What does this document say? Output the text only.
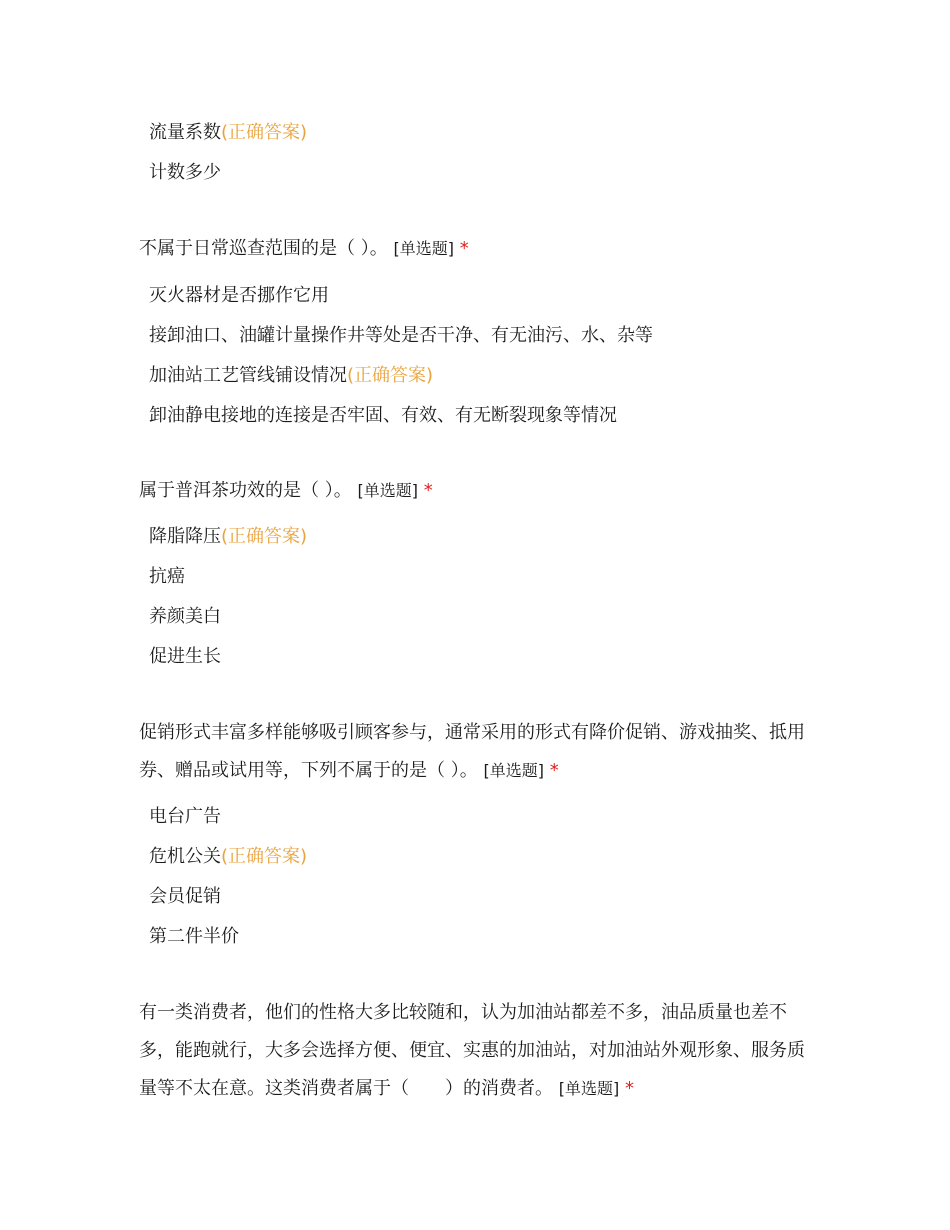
流量系数(正确答案)
计数多少
不属于日常巡查范围的是（ ）。 [单选题] *
灭火器材是否挪作它用
接卸油口、油罐计量操作井等处是否干净、有无油污、水、杂等
加油站工艺管线铺设情况(正确答案)
卸油静电接地的连接是否牢固、有效、有无断裂现象等情况
属于普洱茶功效的是（ ）。 [单选题] *
降脂降压(正确答案)
抗癌
养颜美白
促进生长
促销形式丰富多样能够吸引顾客参与，通常采用的形式有降价促销、游戏抽奖、抵用券、赠品或试用等，下列不属于的是（ ）。 [单选题] *
电台广告
危机公关(正确答案)
会员促销
第二件半价
有一类消费者，他们的性格大多比较随和，认为加油站都差不多，油品质量也差不多，能跑就行，大多会选择方便、便宜、实惠的加油站，对加油站外观形象、服务质量等不太在意。这类消费者属于（　　）的消费者。 [单选题] *
